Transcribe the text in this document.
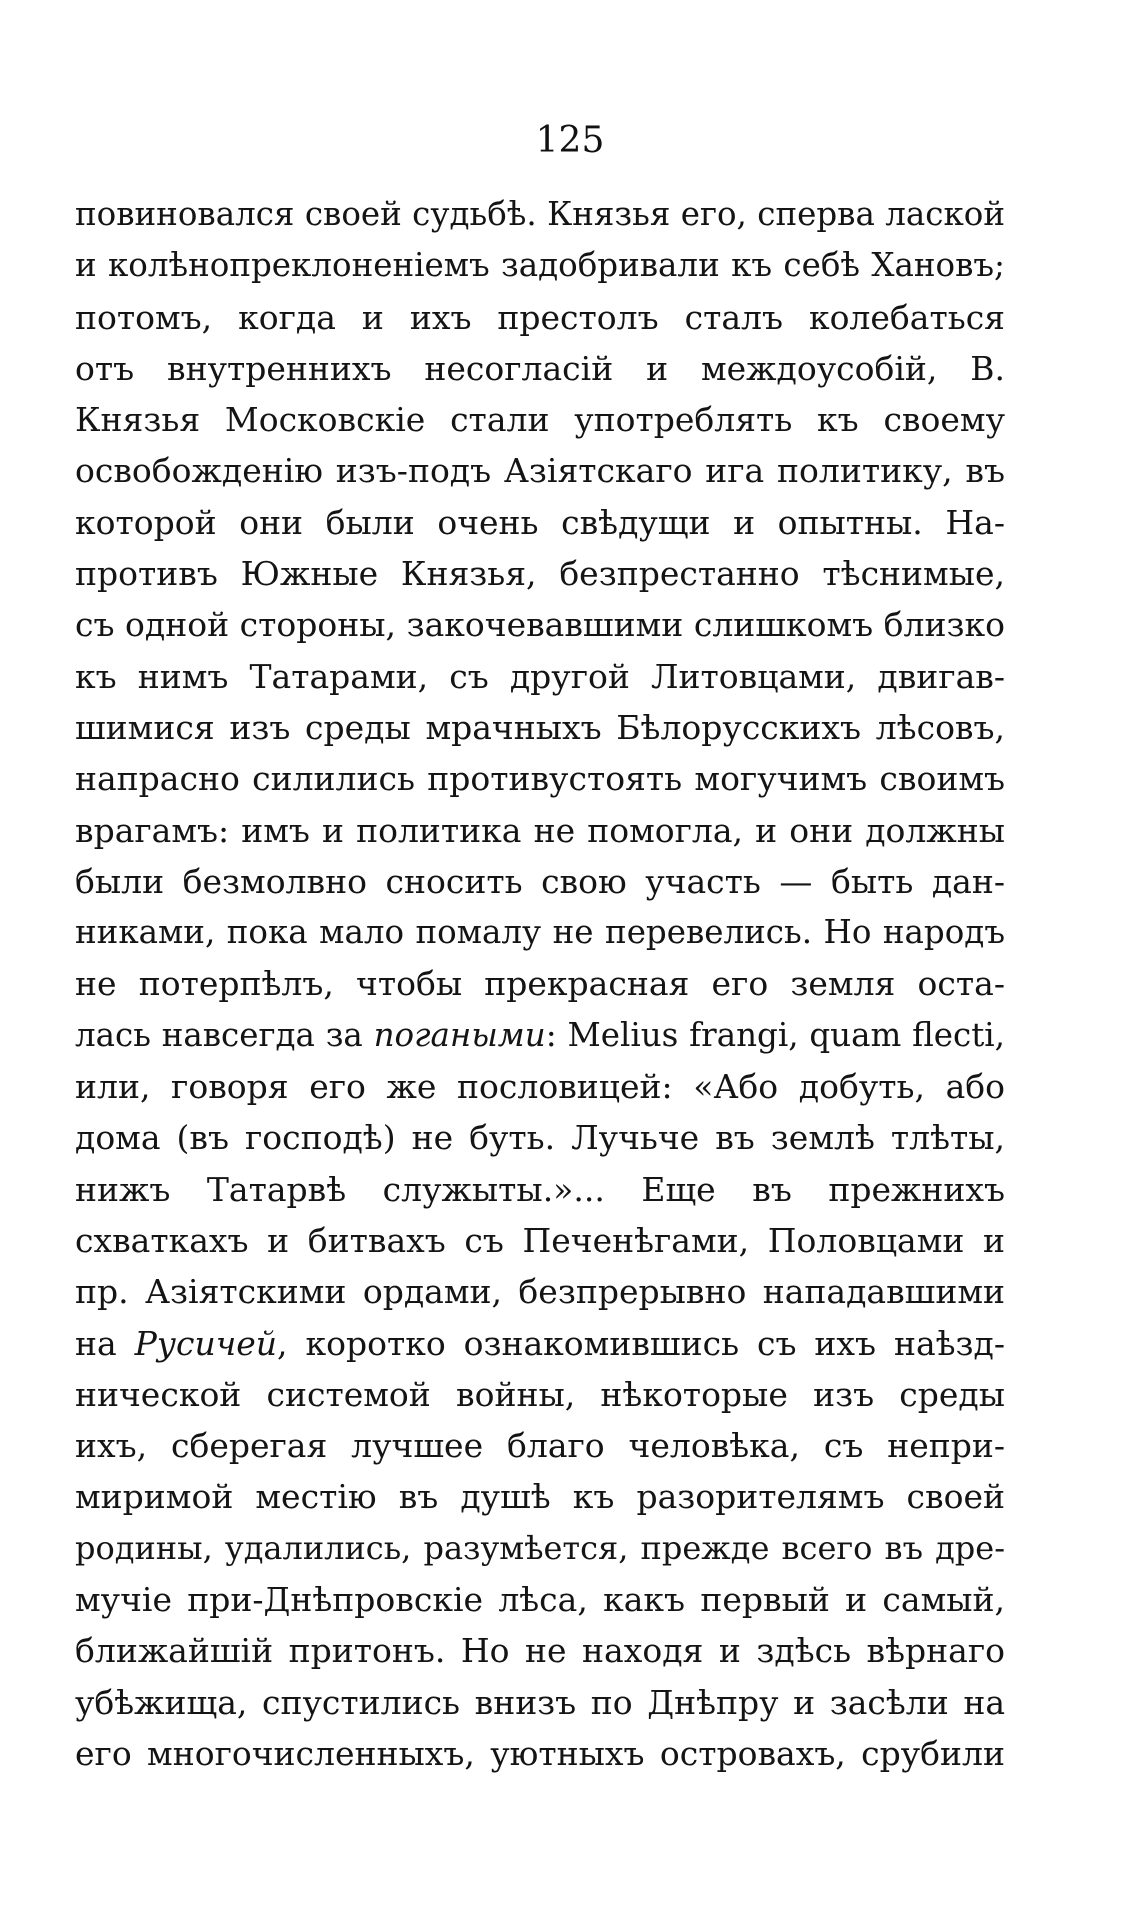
125
повиновался своей судьбѣ. Князья его, сперва лаской
и колѣнопреклоненіемъ задобривали къ себѣ Хановъ;
потомъ, когда и ихъ престолъ сталъ колебаться
отъ внутреннихъ несогласій и междоусобій, В.
Князья Московскіе стали употреблять къ своему
освобожденію изъ-подъ Азіятскаго ига политику, въ
которой они были очень свѣдущи и опытны. На-
противъ Южные Князья, безпрестанно тѣснимые,
съ одной стороны, закочевавшими слишкомъ близко
къ нимъ Татарами, съ другой Литовцами, двигав-
шимися изъ среды мрачныхъ Бѣлорусскихъ лѣсовъ,
напрасно силились противустоять могучимъ своимъ
врагамъ: имъ и политика не помогла, и они должны
были безмолвно сносить свою участь — быть дан-
никами, пока мало помалу не перевелись. Но народъ
не потерпѣлъ, чтобы прекрасная его земля оста-
лась навсегда за погаными: Melius frangi, quam flecti,
или, говоря его же пословицей: «Або добуть, або
дома (въ господѣ) не буть. Лучьче въ землѣ тлѣты,
нижъ Татарвѣ служыты.»... Еще въ прежнихъ
схваткахъ и битвахъ съ Печенѣгами, Половцами и
пр. Азіятскими ордами, безпрерывно нападавшими
на Русичей, коротко ознакомившись съ ихъ наѣзд-
нической системой войны, нѣкоторые изъ среды
ихъ, сберегая лучшее благо человѣка, съ непри-
миримой местію въ душѣ къ разорителямъ своей
родины, удалились, разумѣется, прежде всего въ дре-
мучіе при-Днѣпровскіе лѣса, какъ первый и самый,
ближайшій притонъ. Но не находя и здѣсь вѣрнаго
убѣжища, спустились внизъ по Днѣпру и засѣли на
его многочисленныхъ, уютныхъ островахъ, срубили
